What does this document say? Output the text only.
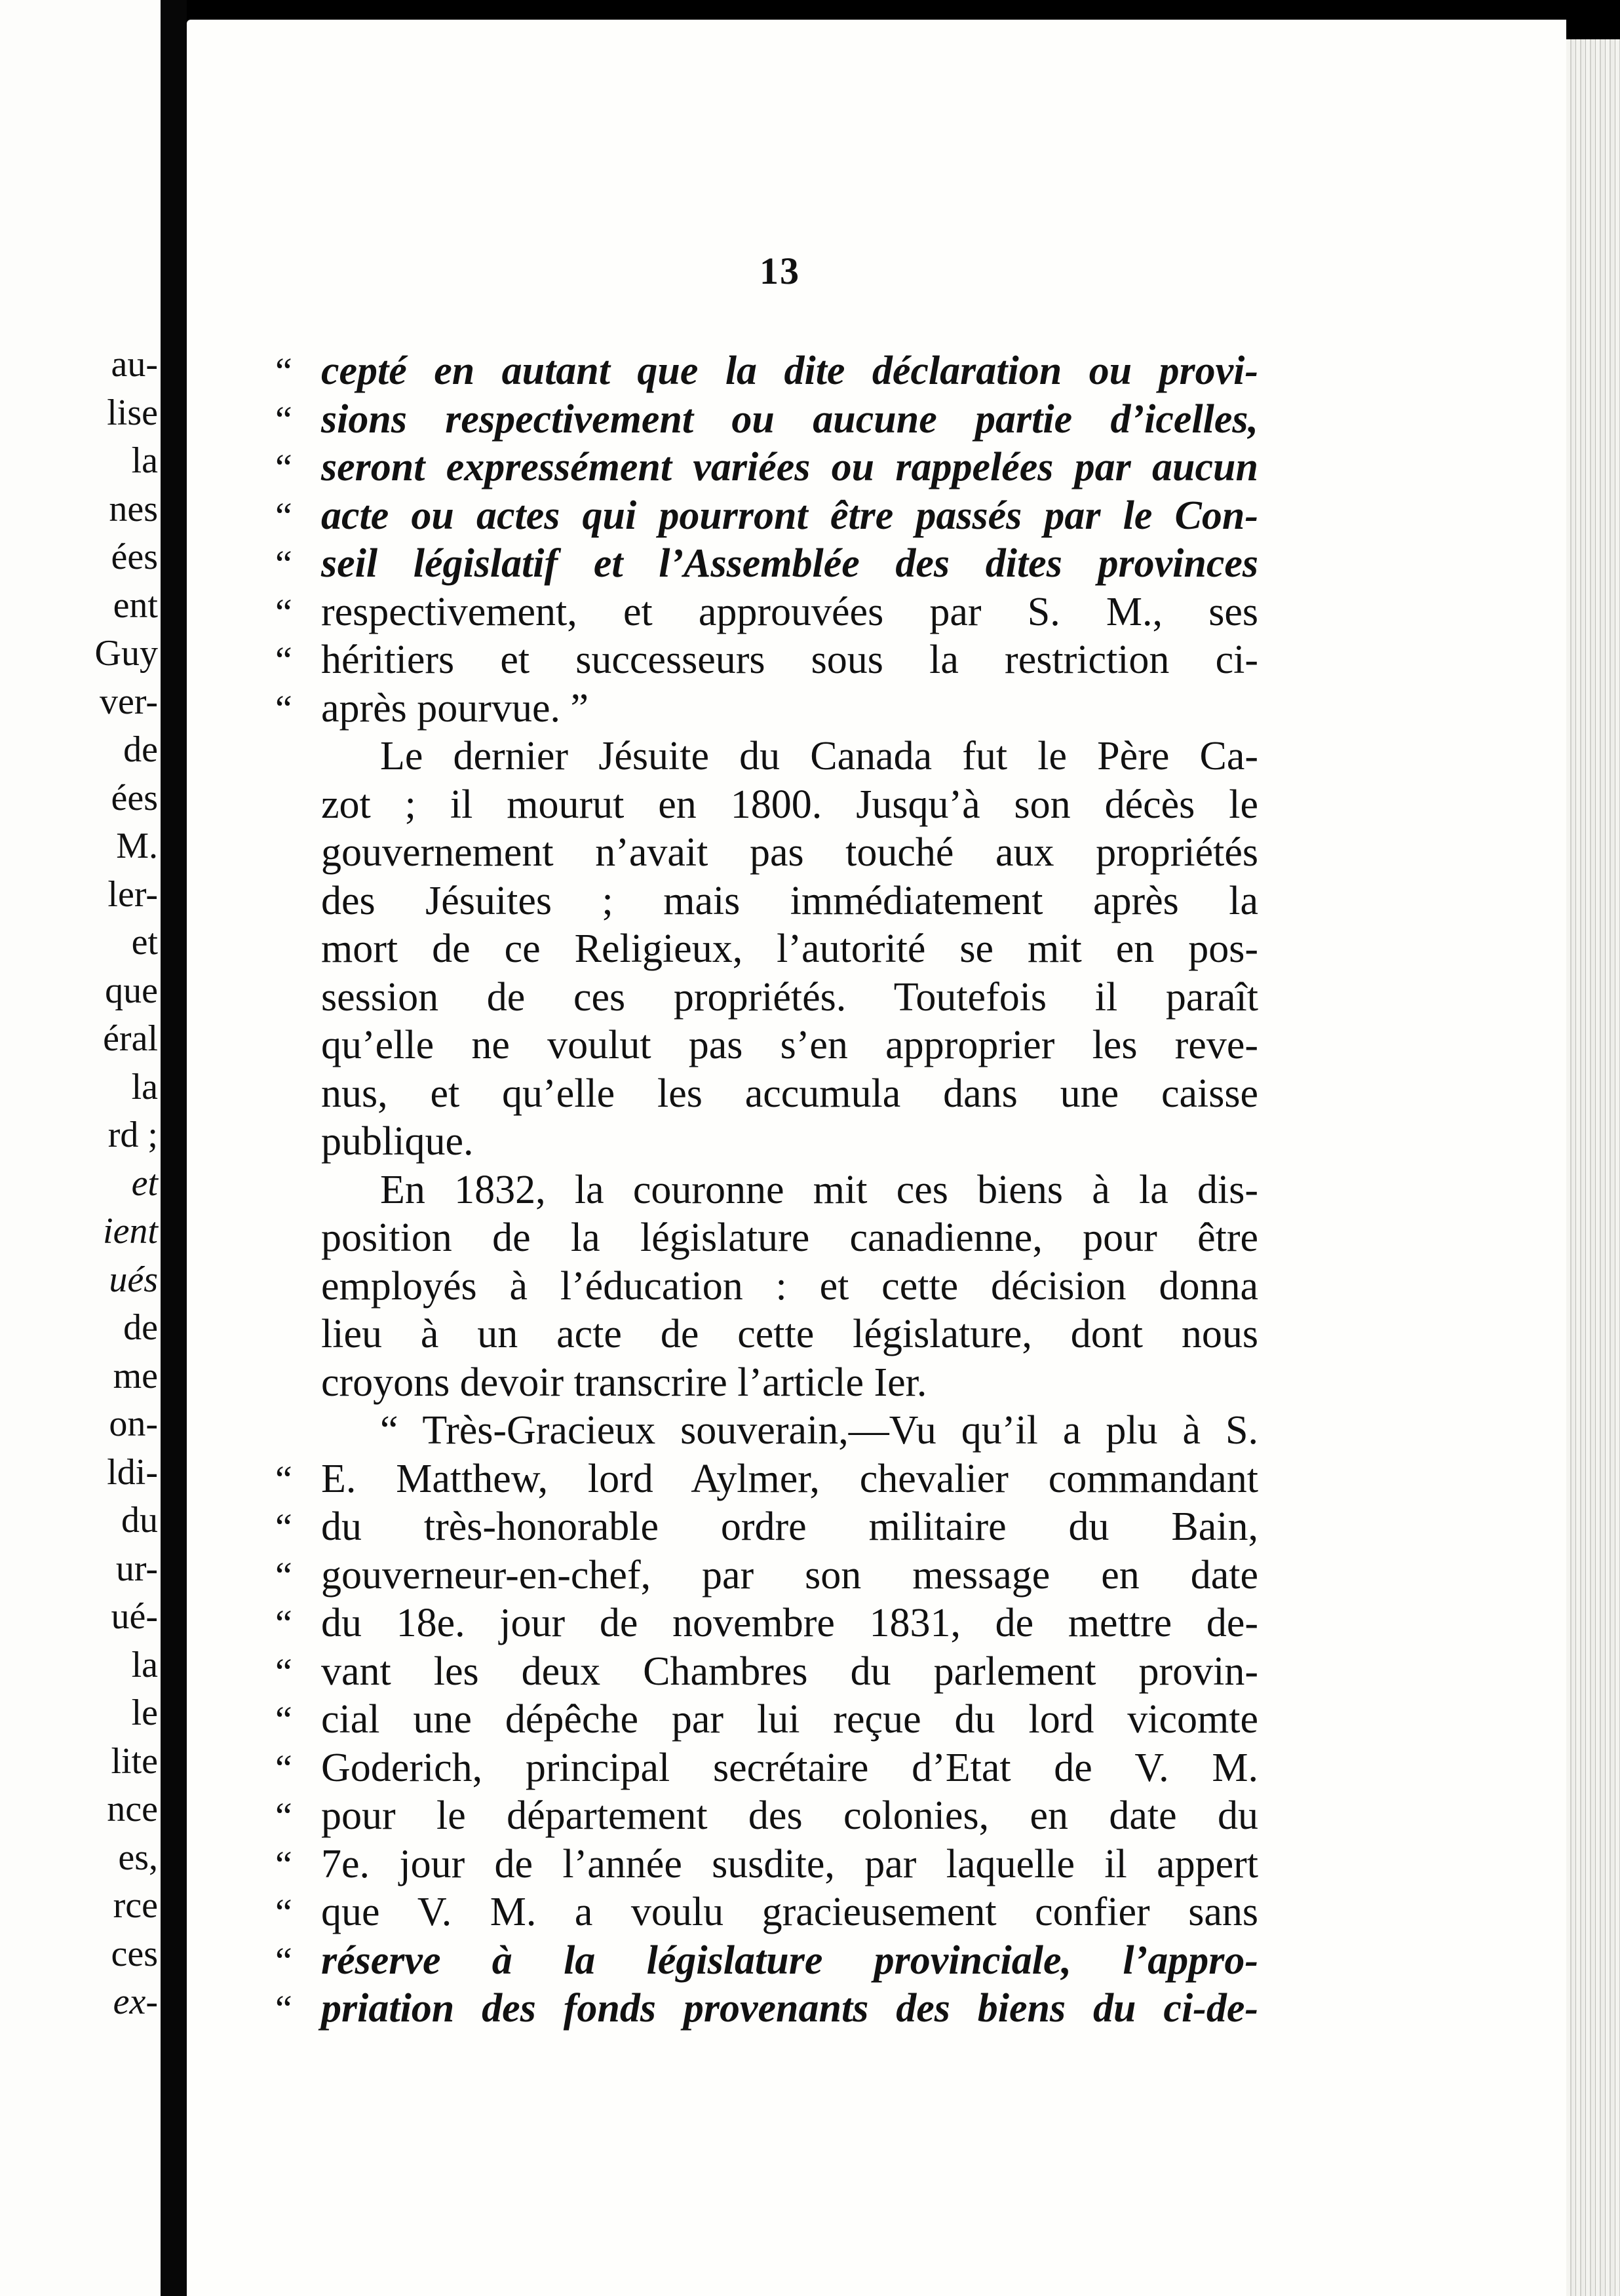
au-
lise
la
nes
ées
ent
Guy
ver-
de
ées
M.
ler-
et
que
éral
la
rd ;
et
ient
ués
de
me
on-
ldi-
du
ur-
ué-
la
le
lite
nce
es,
rce
ces
ex-
13
“ cepté en autant que la dite déclaration ou provi-
“ sions respectivement ou aucune partie d’icelles,
“ seront expressément variées ou rappelées par aucun
“ acte ou actes qui pourront être passés par le Con-
“ seil législatif et l’Assemblée des dites provinces
“ respectivement, et approuvées par S. M., ses
“ héritiers et successeurs sous la restriction ci-
“ après pourvue. ”
Le dernier Jésuite du Canada fut le Père Ca-
zot ; il mourut en 1800. Jusqu’à son décès le
gouvernement n’avait pas touché aux propriétés
des Jésuites ; mais immédiatement après la
mort de ce Religieux, l’autorité se mit en pos-
session de ces propriétés. Toutefois il paraît
qu’elle ne voulut pas s’en approprier les reve-
nus, et qu’elle les accumula dans une caisse
publique.
En 1832, la couronne mit ces biens à la dis-
position de la législature canadienne, pour être
employés à l’éducation : et cette décision donna
lieu à un acte de cette législature, dont nous
croyons devoir transcrire l’article Ier.
“ Très-Gracieux souverain,—Vu qu’il a plu à S.
“ E. Matthew, lord Aylmer, chevalier commandant
“ du très-honorable ordre militaire du Bain,
“ gouverneur-en-chef, par son message en date
“ du 18e. jour de novembre 1831, de mettre de-
“ vant les deux Chambres du parlement provin-
“ cial une dépêche par lui reçue du lord vicomte
“ Goderich, principal secrétaire d’Etat de V. M.
“ pour le département des colonies, en date du
“ 7e. jour de l’année susdite, par laquelle il appert
“ que V. M. a voulu gracieusement confier sans
“ réserve à la législature provinciale, l’appro-
“ priation des fonds provenants des biens du ci-de-
